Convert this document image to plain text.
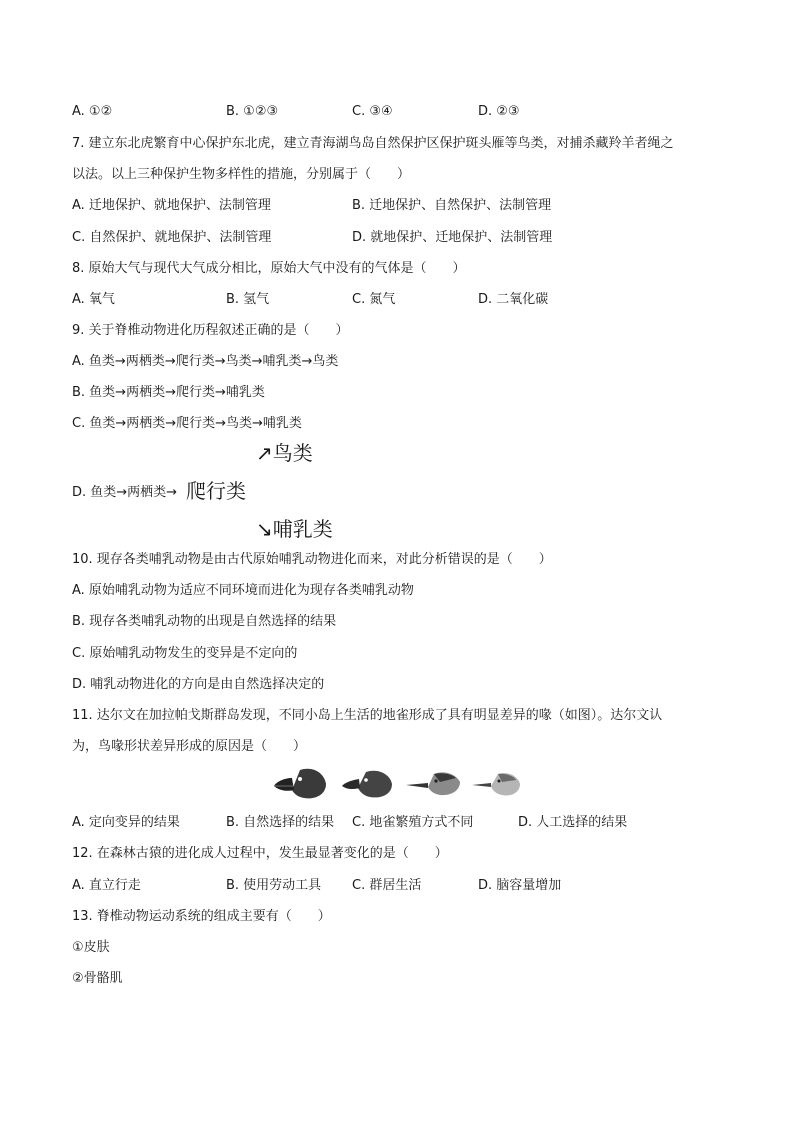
A. ①②	B. ①②③	C. ③④	D. ②③
7. 建立东北虎繁育中心保护东北虎，建立青海湖鸟岛自然保护区保护斑头雁等鸟类，对捕杀藏羚羊者绳之
以法。以上三种保护生物多样性的措施，分别属于（　　）
A. 迁地保护、就地保护、法制管理	B. 迁地保护、自然保护、法制管理
C. 自然保护、就地保护、法制管理	D. 就地保护、迁地保护、法制管理
8. 原始大气与现代大气成分相比，原始大气中没有的气体是（　　）
A. 氧气	B. 氢气	C. 氮气	D. 二氧化碳
9. 关于脊椎动物进化历程叙述正确的是（　　）
A. 鱼类→两栖类→爬行类→鸟类→哺乳类→鸟类
B. 鱼类→两栖类→爬行类→哺乳类
C. 鱼类→两栖类→爬行类→鸟类→哺乳类
↗鸟类
D. 鱼类→两栖类→ 爬行类
↘哺乳类
10. 现存各类哺乳动物是由古代原始哺乳动物进化而来，对此分析错误的是（　　）
A. 原始哺乳动物为适应不同环境而进化为现存各类哺乳动物
B. 现存各类哺乳动物的出现是自然选择的结果
C. 原始哺乳动物发生的变异是不定向的
D. 哺乳动物进化的方向是由自然选择决定的
11. 达尔文在加拉帕戈斯群岛发现，不同小岛上生活的地雀形成了具有明显差异的喙（如图）。达尔文认
为，鸟喙形状差异形成的原因是（　　）
A. 定向变异的结果	B. 自然选择的结果 C. 地雀繁殖方式不同	D. 人工选择的结果
12. 在森林古猿的进化成人过程中，发生最显著变化的是（　　）
A. 直立行走	B. 使用劳动工具 C. 群居生活	D. 脑容量增加
13. 脊椎动物运动系统的组成主要有（　　）
①皮肤
②骨骼肌
